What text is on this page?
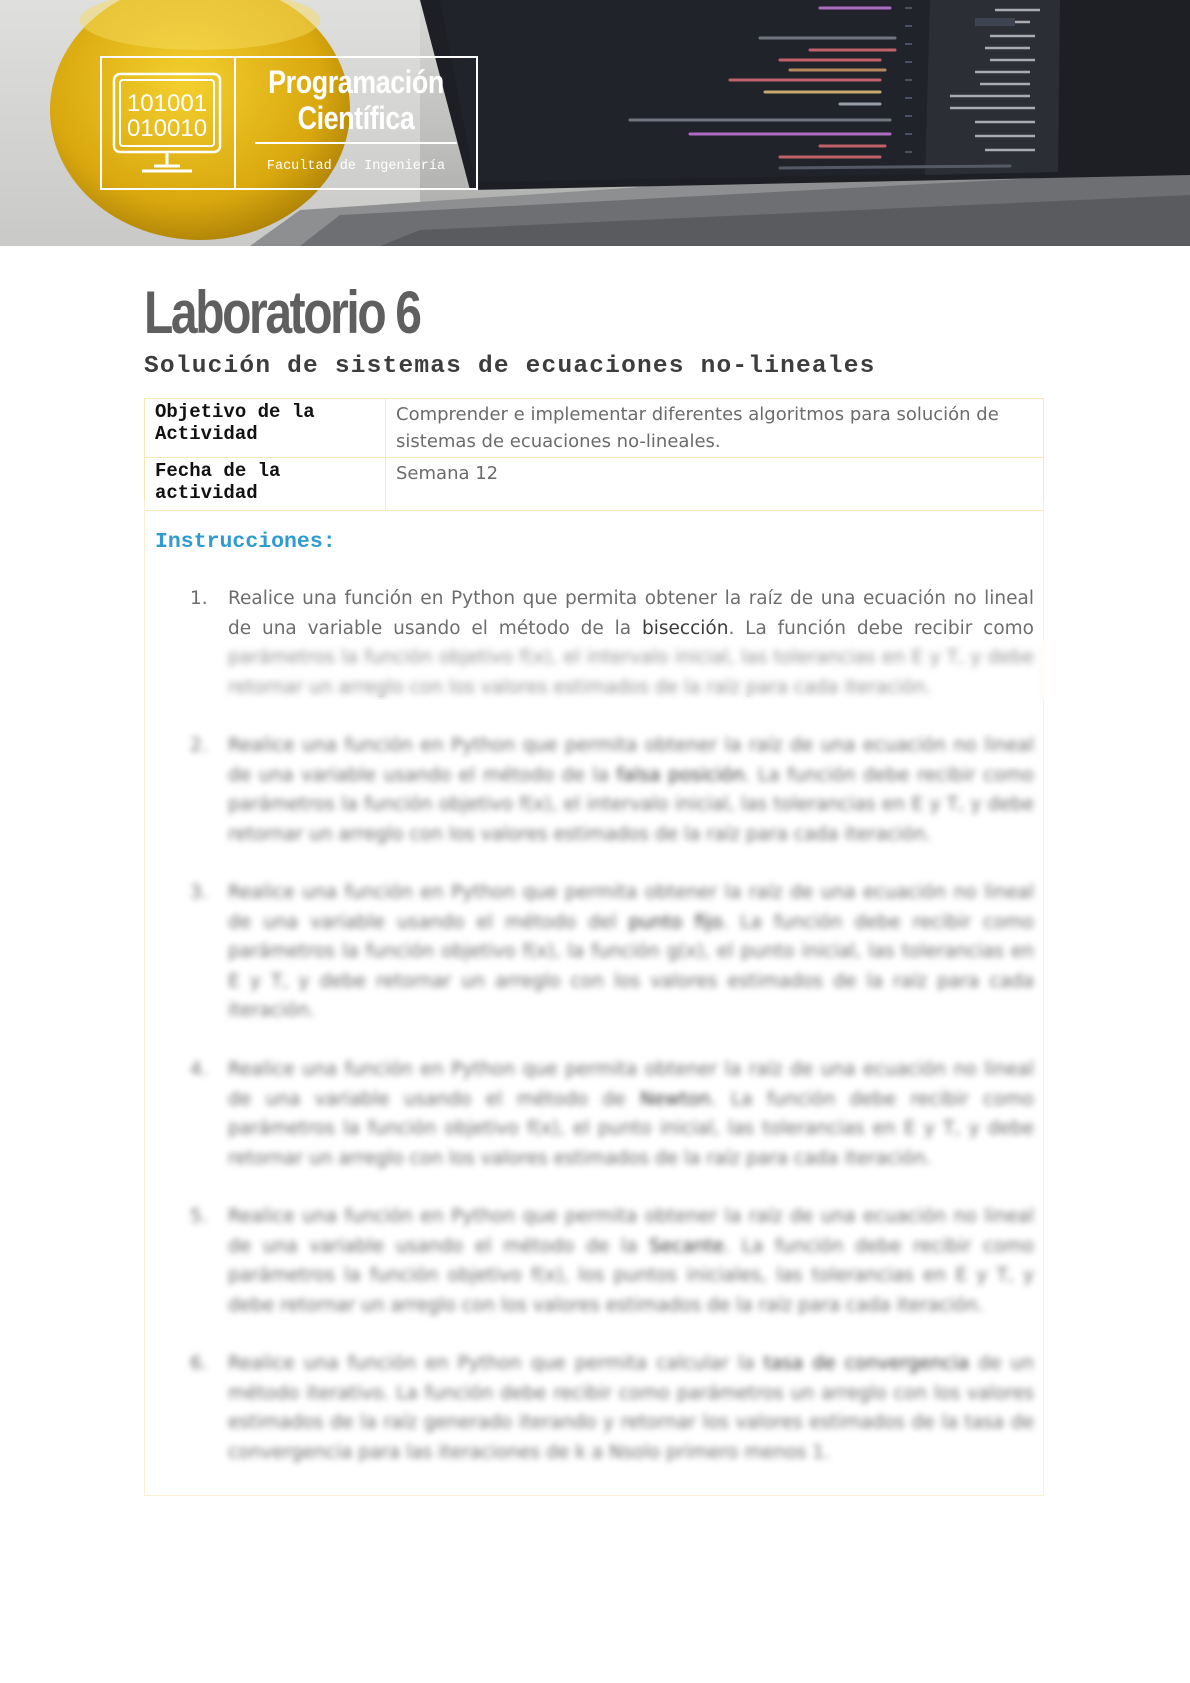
101001
010010
Programación
Científica
Facultad de Ingeniería
Laboratorio 6
Solución de sistemas de ecuaciones no-lineales
Objetivo de la Actividad	Comprender e implementar diferentes algoritmos para solución de sistemas de ecuaciones no-lineales.
Fecha de la actividad	Semana 12
Instrucciones:
1.	Realice una función en Python que permita obtener la raíz de una ecuación no lineal de una variable usando el método de la bisección. La función debe recibir como parámetros la función objetivo f(x), el intervalo inicial, las tolerancias en E y T, y debe retornar un arreglo con los valores estimados de la raíz para cada iteración.

2.	Realice una función en Python que permita obtener la raíz de una ecuación no lineal de una variable usando el método de la falsa posición. La función debe recibir como parámetros la función objetivo f(x), el intervalo inicial, las tolerancias en E y T, y debe retornar un arreglo con los valores estimados de la raíz para cada iteración.

3.	Realice una función en Python que permita obtener la raíz de una ecuación no lineal de una variable usando el método del punto fijo. La función debe recibir como parámetros la función objetivo f(x), la función g(x), el punto inicial, las tolerancias en E y T, y debe retornar un arreglo con los valores estimados de la raíz para cada iteración.

4.	Realice una función en Python que permita obtener la raíz de una ecuación no lineal de una variable usando el método de Newton. La función debe recibir como parámetros la función objetivo f(x), el punto inicial, las tolerancias en E y T, y debe retornar un arreglo con los valores estimados de la raíz para cada iteración.

5.	Realice una función en Python que permita obtener la raíz de una ecuación no lineal de una variable usando el método de la Secante. La función debe recibir como parámetros la función objetivo f(x), los puntos iniciales, las tolerancias en E y T, y debe retornar un arreglo con los valores estimados de la raíz para cada iteración.

6.	Realice una función en Python que permita calcular la tasa de convergencia de un método iterativo. La función debe recibir como parámetros un arreglo con los valores estimados de la raíz generado iterando y retornar los valores estimados de la tasa de convergencia para las iteraciones de k a Nsolo primero menos 1.
